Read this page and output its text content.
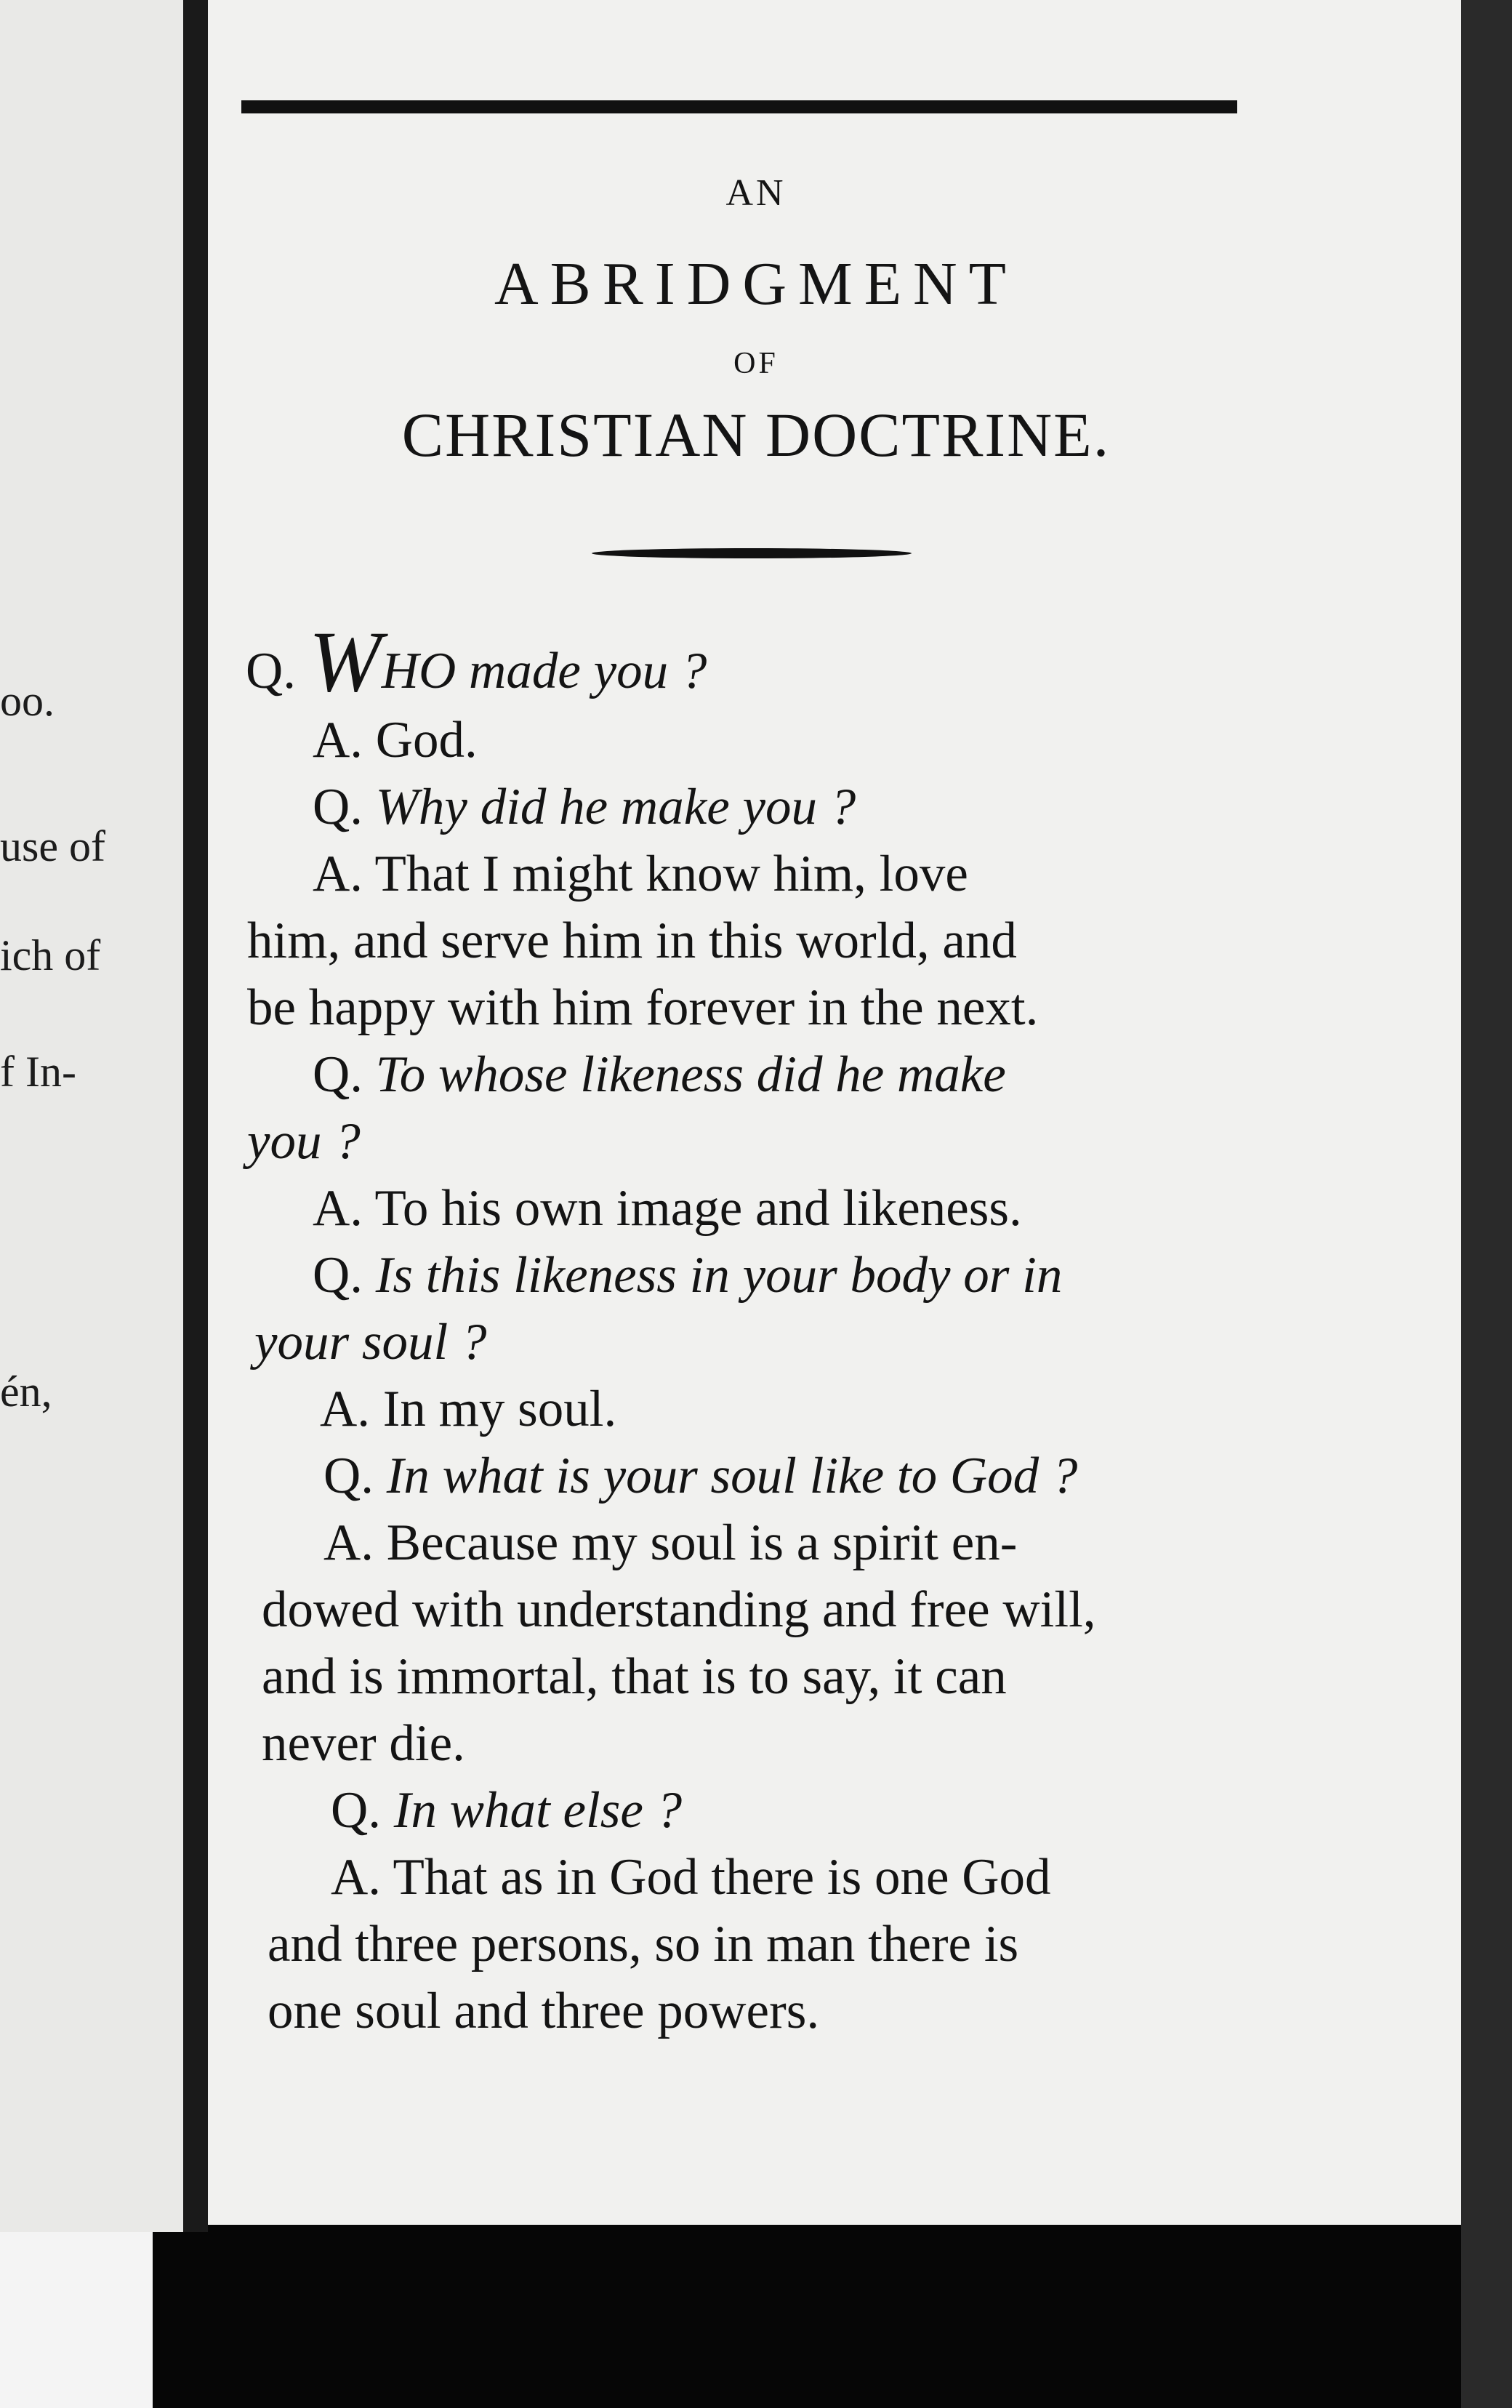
oo.

use of

ich of

f In-

én,

AN

ABRIDGMENT

OF

CHRISTIAN DOCTRINE.

Q. WHO made you ?

A. God.

Q. Why did he make you ?

A. That I might know him, love

him, and serve him in this world, and

be happy with him forever in the next.

Q. To whose likeness did he make

you ?

A. To his own image and likeness.

Q. Is this likeness in your body or in

your soul ?

A. In my soul.

Q. In what is your soul like to God ?

A. Because my soul is a spirit en-

dowed with understanding and free will,

and is immortal, that is to say, it can

never die.

Q. In what else ?

A. That as in God there is one God

and three persons, so in man there is

one soul and three powers.
